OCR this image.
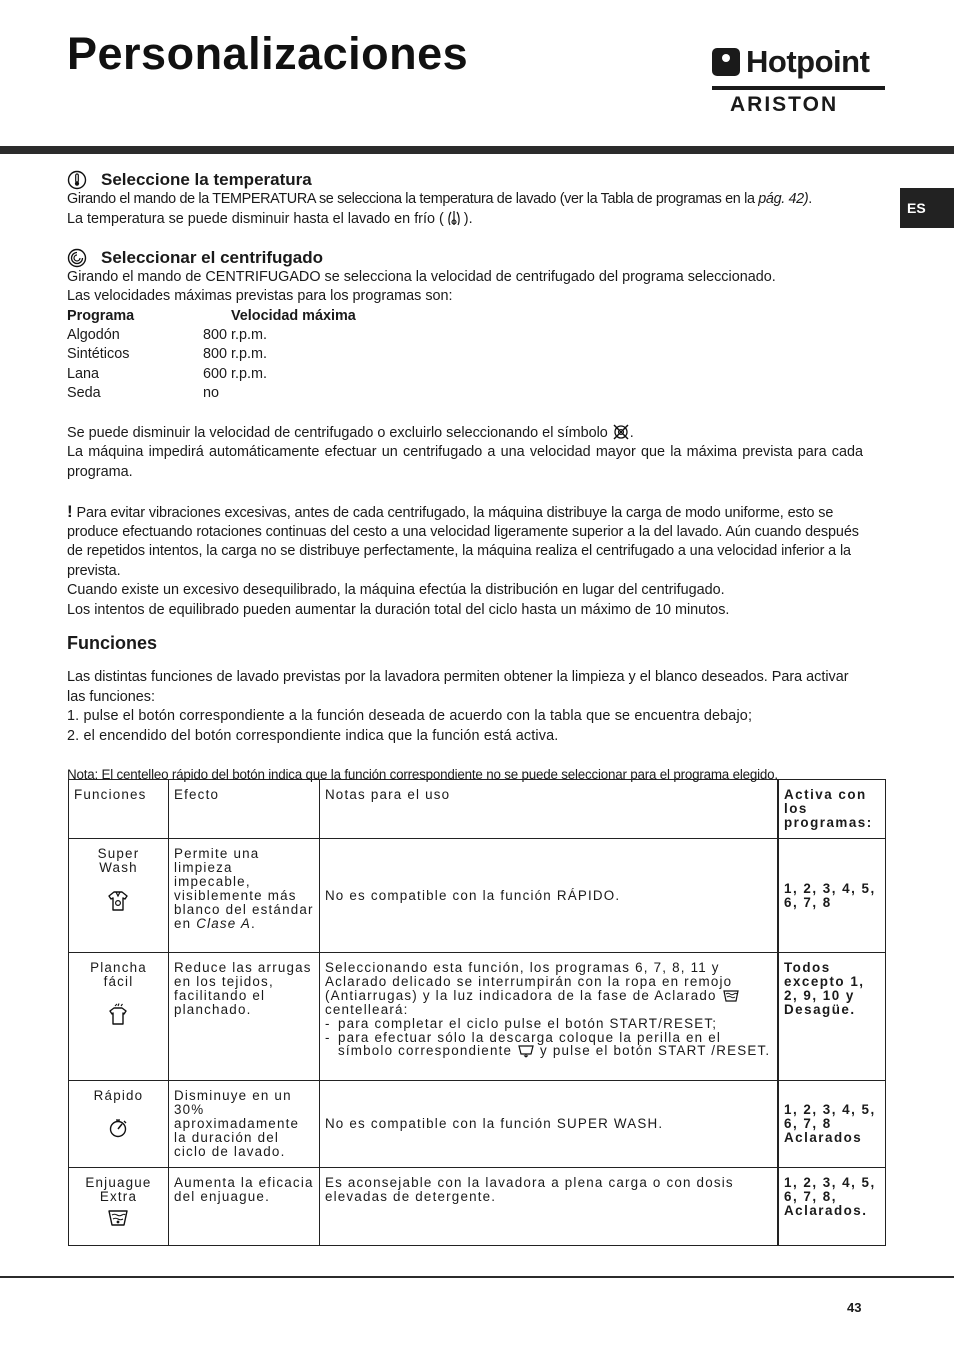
Personalizaciones	Hotpoint
ARISTON
ES
Seleccione la temperatura

Girando el mando de la TEMPERATURA se selecciona la temperatura de lavado (ver la Tabla de programas en la pág. 42).

La temperatura se puede disminuir hasta el lavado en frío ( ).

Seleccionar el centrifugado

Girando el mando de CENTRIFUGADO se selecciona la velocidad de centrifugado del programa seleccionado.

Las velocidades máximas previstas para los programas son:

Programa	Velocidad máxima
Algodón	800 r.p.m.
Sintéticos	800 r.p.m.
Lana	600 r.p.m.
Seda	no

Se puede disminuir la velocidad de centrifugado o excluirlo seleccionando el símbolo .

La máquina impedirá automáticamente efectuar un centrifugado a una velocidad mayor que la máxima prevista para cada programa.

! Para evitar vibraciones excesivas, antes de cada centrifugado, la máquina distribuye la carga de modo uniforme, esto se produce efectuando rotaciones continuas del cesto a una velocidad ligeramente superior a la del lavado. Aún cuando después de repetidos intentos, la carga no se distribuye perfectamente, la máquina realiza el centrifugado a una velocidad inferior a la prevista.

Cuando existe un excesivo desequilibrado, la máquina efectúa la distribución en lugar del centrifugado.

Los intentos de equilibrado pueden aumentar la duración total del ciclo hasta un máximo de 10 minutos.

Funciones

Las distintas funciones de lavado previstas por la lavadora permiten obtener la limpieza y el blanco deseados. Para activar las funciones:

1. pulse el botón correspondiente a la función deseada de acuerdo con la tabla que se encuentra debajo;

2. el encendido del botón correspondiente indica que la función está activa.

Nota: El centelleo rápido del botón indica que la función correspondiente no se puede seleccionar para el programa elegido.

Funciones	Efecto	Notas para el uso	Activa con los programas:

Super Wash	Permite una limpieza impecable, visiblemente más blanco del estándar en Clase A.	No es compatible con la función RÁPIDO.	1, 2, 3, 4, 5, 6, 7, 8

Plancha fácil	Reduce las arrugas en los tejidos, facilitando el planchado.	Seleccionando esta función, los programas 6, 7, 8, 11 y Aclarado delicado se interrumpirán con la ropa en remojo (Antiarrugas) y la luz indicadora de la fase de Aclarado  centelleará:
- para completar el ciclo pulse el botón START/RESET;
- para efectuar sólo la descarga coloque la perilla en el símbolo correspondiente  y pulse el botón START /RESET.	Todos excepto 1, 2, 9, 10 y Desagüe.

Rápido	Disminuye en un 30% aproximadamente la duración del ciclo de lavado.	No es compatible con la función SUPER WASH.	1, 2, 3, 4, 5, 6, 7, 8 Aclarados

Enjuague Extra	Aumenta la eficacia del enjuague.	Es aconsejable con la lavadora a plena carga o con dosis elevadas de detergente.	1, 2, 3, 4, 5, 6, 7, 8, Aclarados.
43
